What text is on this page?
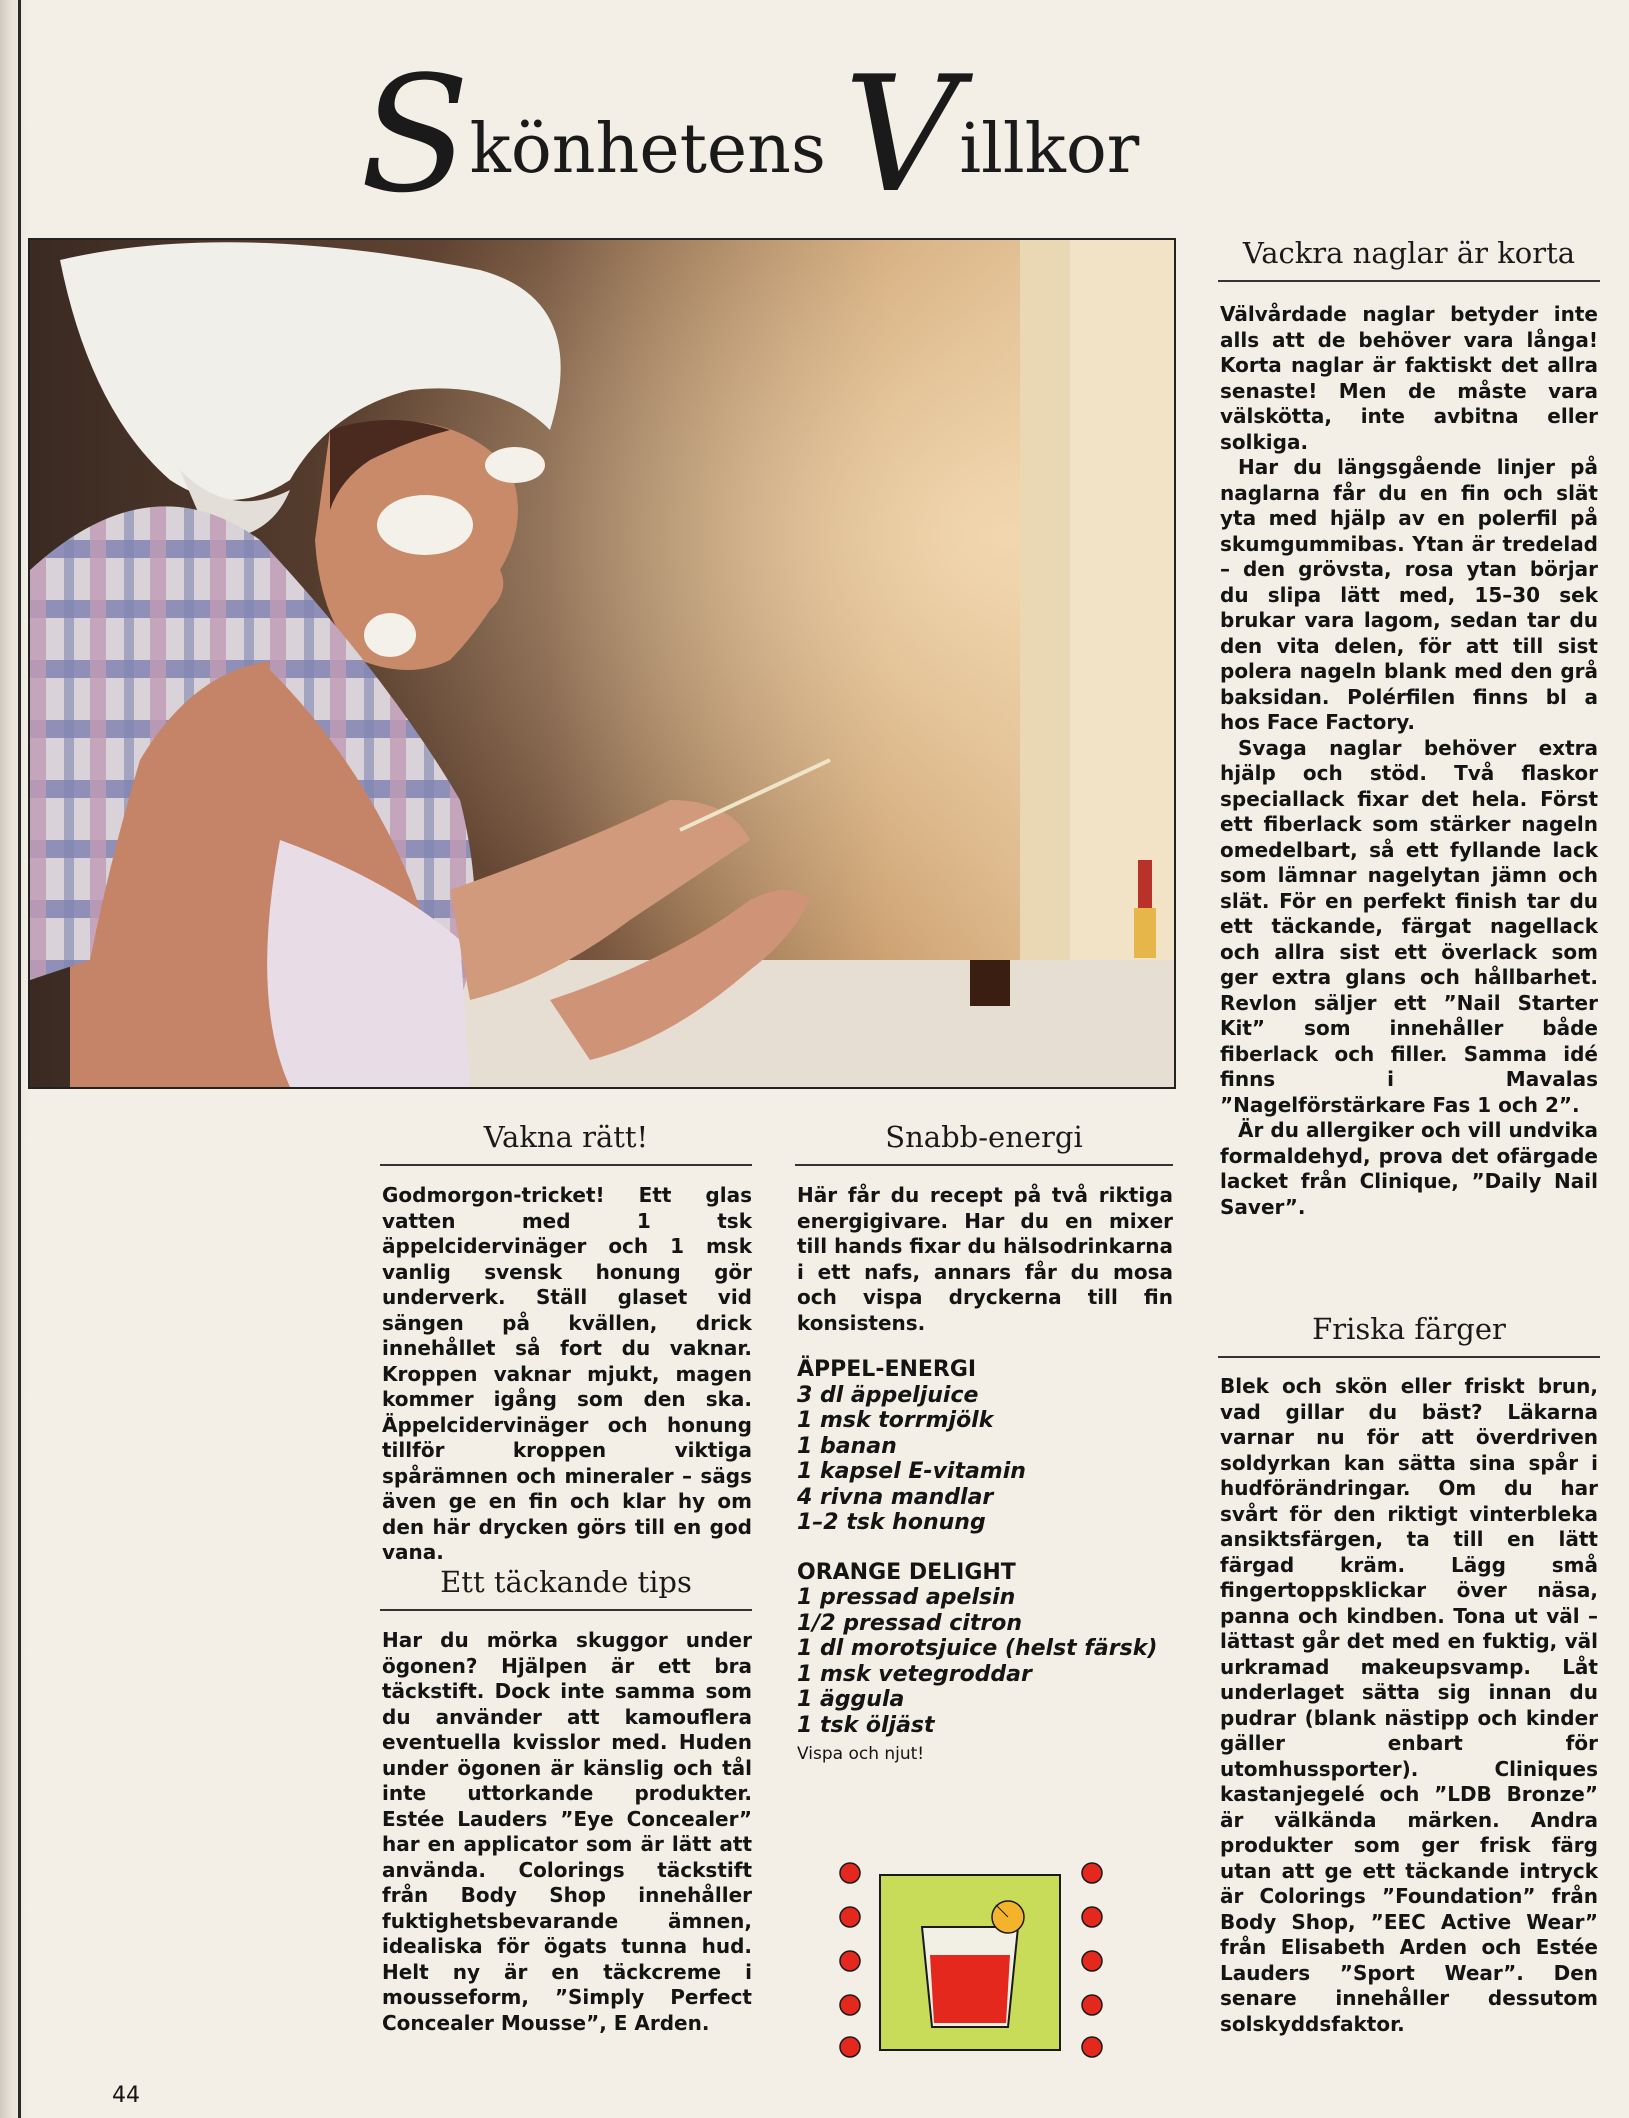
Skönhetens Villkor
Vackra naglar är korta
Välvårdade naglar betyder inte alls att de behöver vara långa! Korta naglar är faktiskt det allra senaste! Men de måste vara välskötta, inte avbitna eller solkiga.
Har du längsgående linjer på naglarna får du en fin och slät yta med hjälp av en polerfil på skumgummibas. Ytan är tredelad – den grövsta, rosa ytan börjar du slipa lätt med, 15–30 sek brukar vara lagom, sedan tar du den vita delen, för att till sist polera nageln blank med den grå baksidan. Polérfilen finns bl a hos Face Factory.
Svaga naglar behöver extra hjälp och stöd. Två flaskor speciallack fixar det hela. Först ett fiberlack som stärker nageln omedelbart, så ett fyllande lack som lämnar nagelytan jämn och slät. För en perfekt finish tar du ett täckande, färgat nagellack och allra sist ett överlack som ger extra glans och hållbarhet. Revlon säljer ett ”Nail Starter Kit” som innehåller både fiberlack och filler. Samma idé finns i Mavalas ”Nagelförstärkare Fas 1 och 2”.
Är du allergiker och vill undvika formaldehyd, prova det ofärgade lacket från Clinique, ”Daily Nail Saver”.
Friska färger
Blek och skön eller friskt brun, vad gillar du bäst? Läkarna varnar nu för att överdriven soldyrkan kan sätta sina spår i hudförändringar. Om du har svårt för den riktigt vinterbleka ansiktsfärgen, ta till en lätt färgad kräm. Lägg små fingertoppsklickar över näsa, panna och kindben. Tona ut väl – lättast går det med en fuktig, väl urkramad makeupsvamp. Låt underlaget sätta sig innan du pudrar (blank nästipp och kinder gäller enbart för utomhussporter). Cliniques kastanjegelé och ”LDB Bronze” är välkända märken. Andra produkter som ger frisk färg utan att ge ett täckande intryck är Colorings ”Foundation” från Body Shop, ”EEC Active Wear” från Elisabeth Arden och Estée Lauders ”Sport Wear”. Den senare innehåller dessutom solskyddsfaktor.
Vakna rätt!
Godmorgon-tricket! Ett glas vatten med 1 tsk äppelcidervinäger och 1 msk vanlig svensk honung gör underverk. Ställ glaset vid sängen på kvällen, drick innehållet så fort du vaknar. Kroppen vaknar mjukt, magen kommer igång som den ska. Äppelcidervinäger och honung tillför kroppen viktiga spårämnen och mineraler – sägs även ge en fin och klar hy om den här drycken görs till en god vana.
Ett täckande tips
Har du mörka skuggor under ögonen? Hjälpen är ett bra täckstift. Dock inte samma som du använder att kamouflera eventuella kvisslor med. Huden under ögonen är känslig och tål inte uttorkande produkter. Estée Lauders ”Eye Concealer” har en applicator som är lätt att använda. Colorings täckstift från Body Shop innehåller fuktighetsbevarande ämnen, idealiska för ögats tunna hud. Helt ny är en täckcreme i mousseform, ”Simply Perfect Concealer Mousse”, E Arden.
Snabb-energi
Här får du recept på två riktiga energigivare. Har du en mixer till hands fixar du hälsodrinkarna i ett nafs, annars får du mosa och vispa dryckerna till fin konsistens.
ÄPPEL-ENERGI
3 dl äppeljuice
1 msk torrmjölk
1 banan
1 kapsel E-vitamin
4 rivna mandlar
1–2 tsk honung
ORANGE DELIGHT
1 pressad apelsin
1/2 pressad citron
1 dl morotsjuice (helst färsk)
1 msk vetegroddar
1 äggula
1 tsk öljäst
Vispa och njut!
44
